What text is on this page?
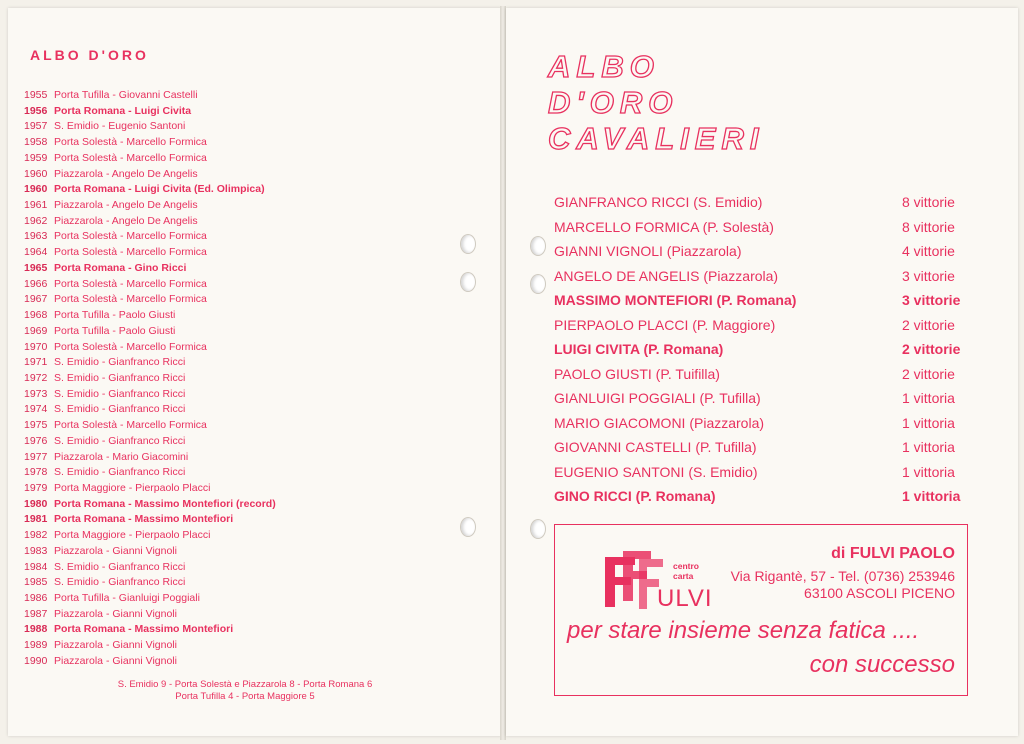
ALBO D'ORO
1955 Porta Tufilla - Giovanni Castelli
1956 Porta Romana - Luigi Civita
1957 S. Emidio - Eugenio Santoni
1958 Porta Solestà - Marcello Formica
1959 Porta Solestà - Marcello Formica
1960 Piazzarola - Angelo De Angelis
1960 Porta Romana - Luigi Civita (Ed. Olimpica)
1961 Piazzarola - Angelo De Angelis
1962 Piazzarola - Angelo De Angelis
1963 Porta Solestà - Marcello Formica
1964 Porta Solestà - Marcello Formica
1965 Porta Romana - Gino Ricci
1966 Porta Solestà - Marcello Formica
1967 Porta Solestà - Marcello Formica
1968 Porta Tufilla - Paolo Giusti
1969 Porta Tufilla - Paolo Giusti
1970 Porta Solestà - Marcello Formica
1971 S. Emidio - Gianfranco Ricci
1972 S. Emidio - Gianfranco Ricci
1973 S. Emidio - Gianfranco Ricci
1974 S. Emidio - Gianfranco Ricci
1975 Porta Solestà - Marcello Formica
1976 S. Emidio - Gianfranco Ricci
1977 Piazzarola - Mario Giacomini
1978 S. Emidio - Gianfranco Ricci
1979 Porta Maggiore - Pierpaolo Placci
1980 Porta Romana - Massimo Montefiori (record)
1981 Porta Romana - Massimo Montefiori
1982 Porta Maggiore - Pierpaolo Placci
1983 Piazzarola - Gianni Vignoli
1984 S. Emidio - Gianfranco Ricci
1985 S. Emidio - Gianfranco Ricci
1986 Porta Tufilla - Gianluigi Poggiali
1987 Piazzarola - Gianni Vignoli
1988 Porta Romana - Massimo Montefiori
1989 Piazzarola - Gianni Vignoli
1990 Piazzarola - Gianni Vignoli
S. Emidio 9 - Porta Solestà e Piazzarola 8 - Porta Romana 6
Porta Tufilla 4 - Porta Maggiore 5
ALBO
D'ORO
CAVALIERI
GIANFRANCO RICCI (S. Emidio)	8 vittorie
MARCELLO FORMICA (P. Solestà)	8 vittorie
GIANNI VIGNOLI (Piazzarola)	4 vittorie
ANGELO DE ANGELIS (Piazzarola)	3 vittorie
MASSIMO MONTEFIORI (P. Romana)	3 vittorie
PIERPAOLO PLACCI (P. Maggiore)	2 vittorie
LUIGI CIVITA (P. Romana)	2 vittorie
PAOLO GIUSTI (P. Tuifilla)	2 vittorie
GIANLUIGI POGGIALI (P. Tufilla)	1 vittoria
MARIO GIACOMONI (Piazzarola)	1 vittoria
GIOVANNI CASTELLI (P. Tufilla)	1 vittoria
EUGENIO SANTONI (S. Emidio)	1 vittoria
GINO RICCI (P. Romana)	1 vittoria
centro
carta
ULVI
di FULVI PAOLO
Via Rigantè, 57 - Tel. (0736) 253946
63100 ASCOLI PICENO
per stare insieme senza fatica ....
con successo
